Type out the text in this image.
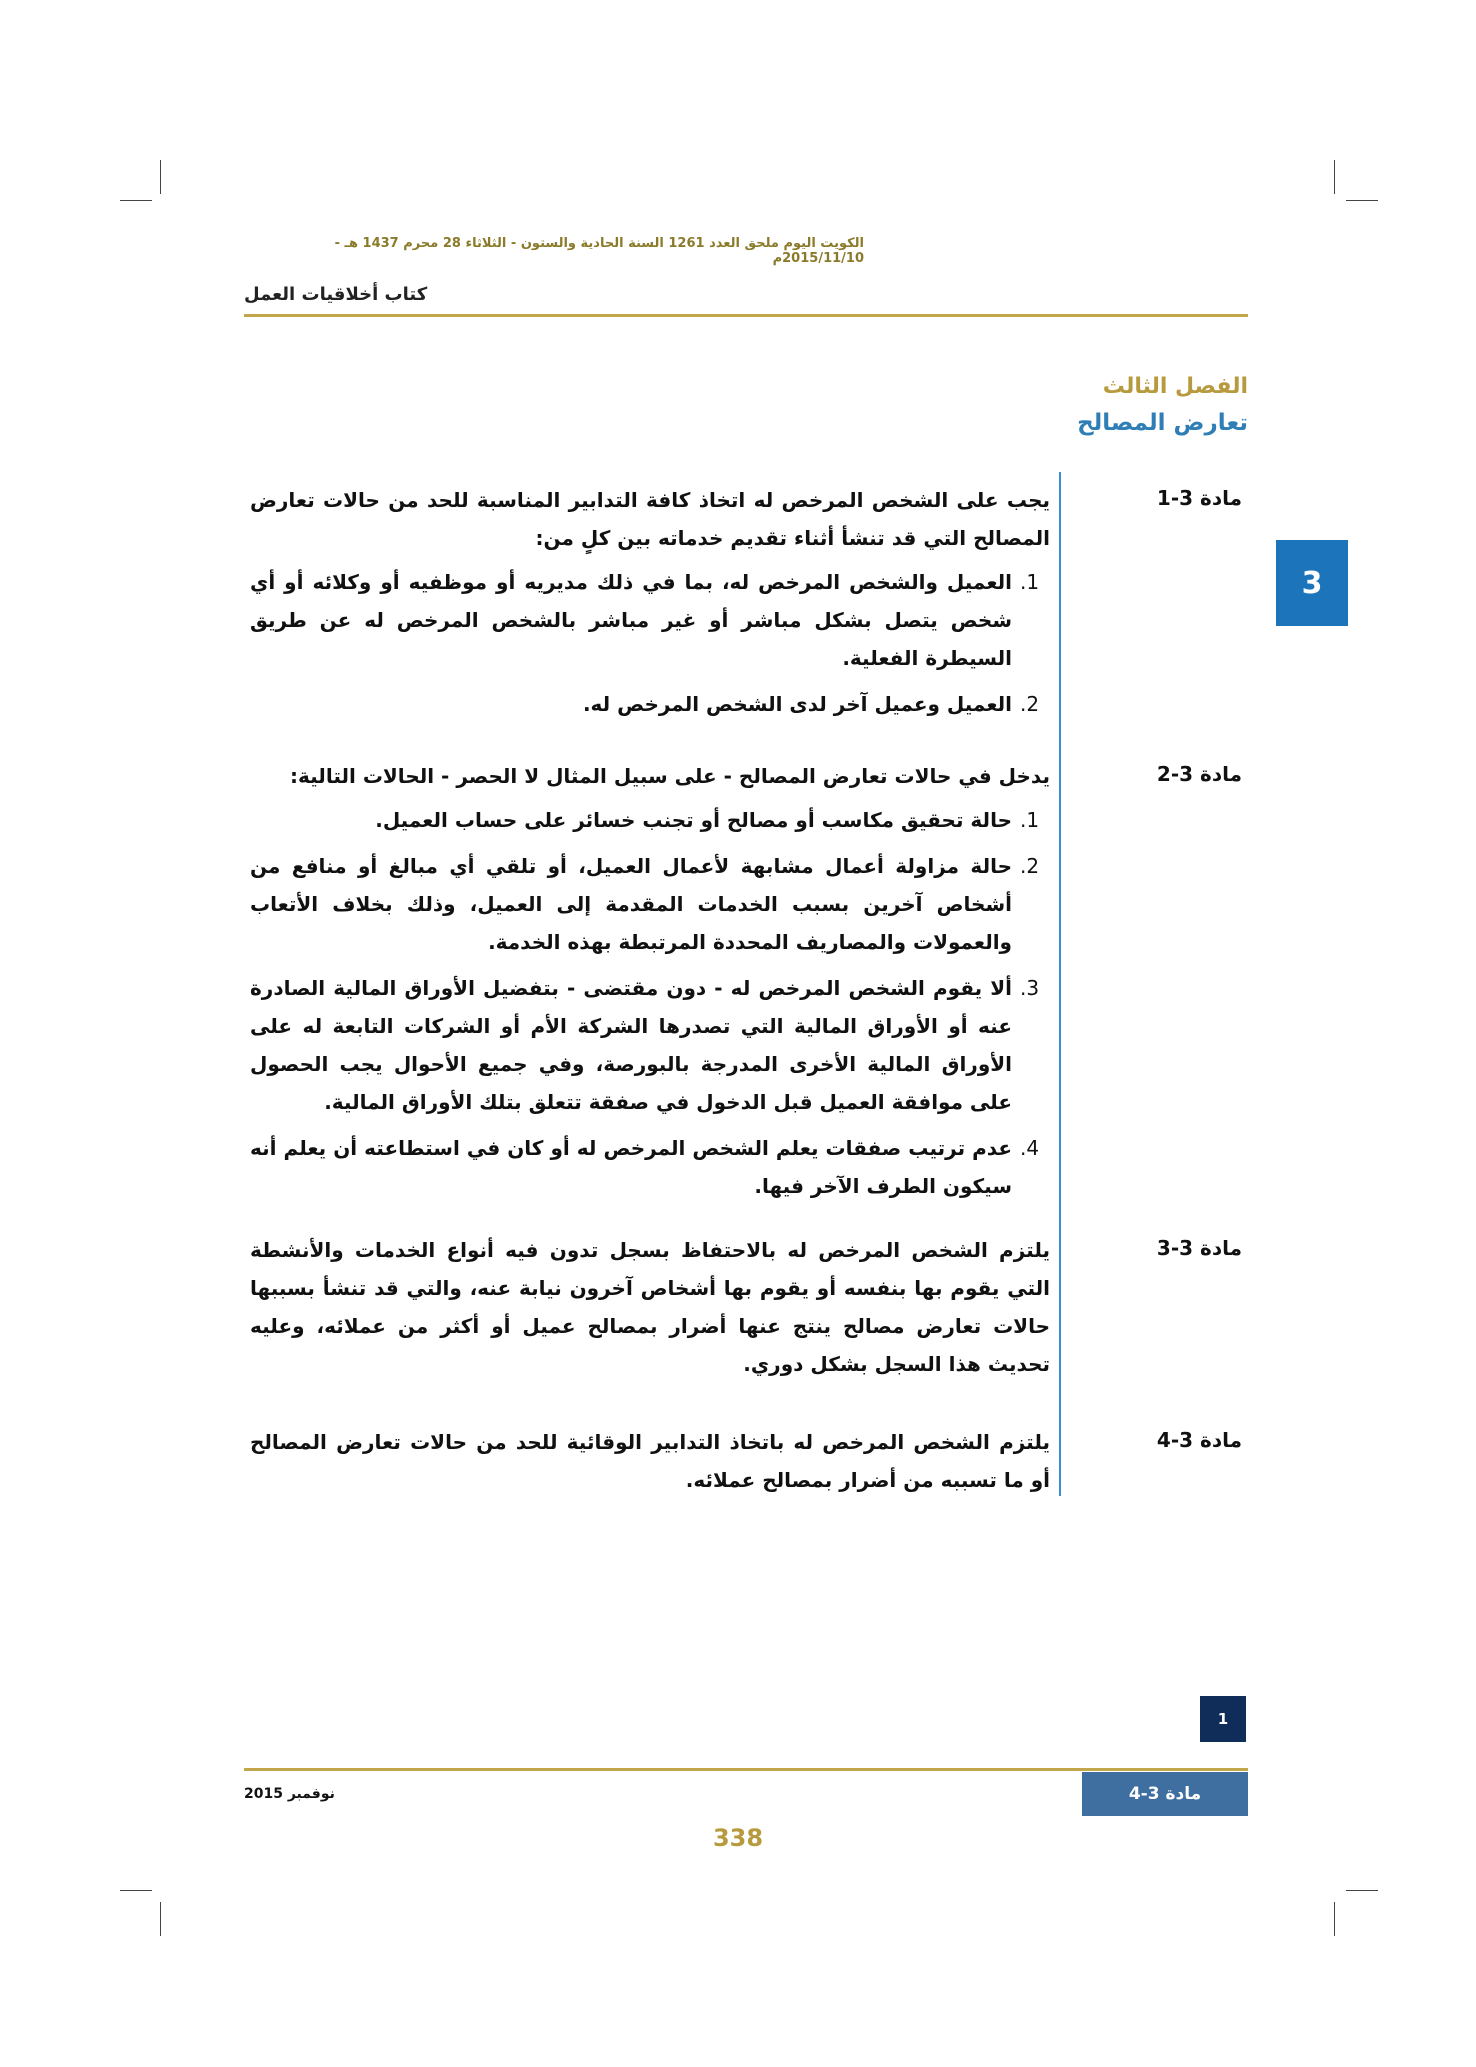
الكويت اليوم ملحق العدد 1261 السنة الحادية والستون - الثلاثاء 28 محرم 1437 هـ - 2015/11/10م
كتاب أخلاقيات العمل
الفصل الثالث
تعارض المصالح
3
مادة 3-1

يجب على الشخص المرخص له اتخاذ كافة التدابير المناسبة للحد من حالات تعارض المصالح التي قد تنشأ أثناء تقديم خدماته بين كلٍ من:

1.
العميل والشخص المرخص له، بما في ذلك مديريه أو موظفيه أو وكلائه أو أي شخص يتصل بشكل مباشر أو غير مباشر بالشخص المرخص له عن طريق السيطرة الفعلية.
2.
العميل وعميل آخر لدى الشخص المرخص له.
مادة 3-2

يدخل في حالات تعارض المصالح - على سبيل المثال لا الحصر - الحالات التالية:

1.
حالة تحقيق مكاسب أو مصالح أو تجنب خسائر على حساب العميل.
2.
حالة مزاولة أعمال مشابهة لأعمال العميل، أو تلقي أي مبالغ أو منافع من أشخاص آخرين بسبب الخدمات المقدمة إلى العميل، وذلك بخلاف الأتعاب والعمولات والمصاريف المحددة المرتبطة بهذه الخدمة.
3.
ألا يقوم الشخص المرخص له - دون مقتضى - بتفضيل الأوراق المالية الصادرة عنه أو الأوراق المالية التي تصدرها الشركة الأم أو الشركات التابعة له على الأوراق المالية الأخرى المدرجة بالبورصة، وفي جميع الأحوال يجب الحصول على موافقة العميل قبل الدخول في صفقة تتعلق بتلك الأوراق المالية.
4.
عدم ترتيب صفقات يعلم الشخص المرخص له أو كان في استطاعته أن يعلم أنه سيكون الطرف الآخر فيها.
مادة 3-3

يلتزم الشخص المرخص له بالاحتفاظ بسجل تدون فيه أنواع الخدمات والأنشطة التي يقوم بها بنفسه أو يقوم بها أشخاص آخرون نيابة عنه، والتي قد تنشأ بسببها حالات تعارض مصالح ينتج عنها أضرار بمصالح عميل أو أكثر من عملائه، وعليه تحديث هذا السجل بشكل دوري.

مادة 3-4

يلتزم الشخص المرخص له باتخاذ التدابير الوقائية للحد من حالات تعارض المصالح أو ما تسببه من أضرار بمصالح عملائه.

1
نوفمبر 2015	مادة 3-4
338
